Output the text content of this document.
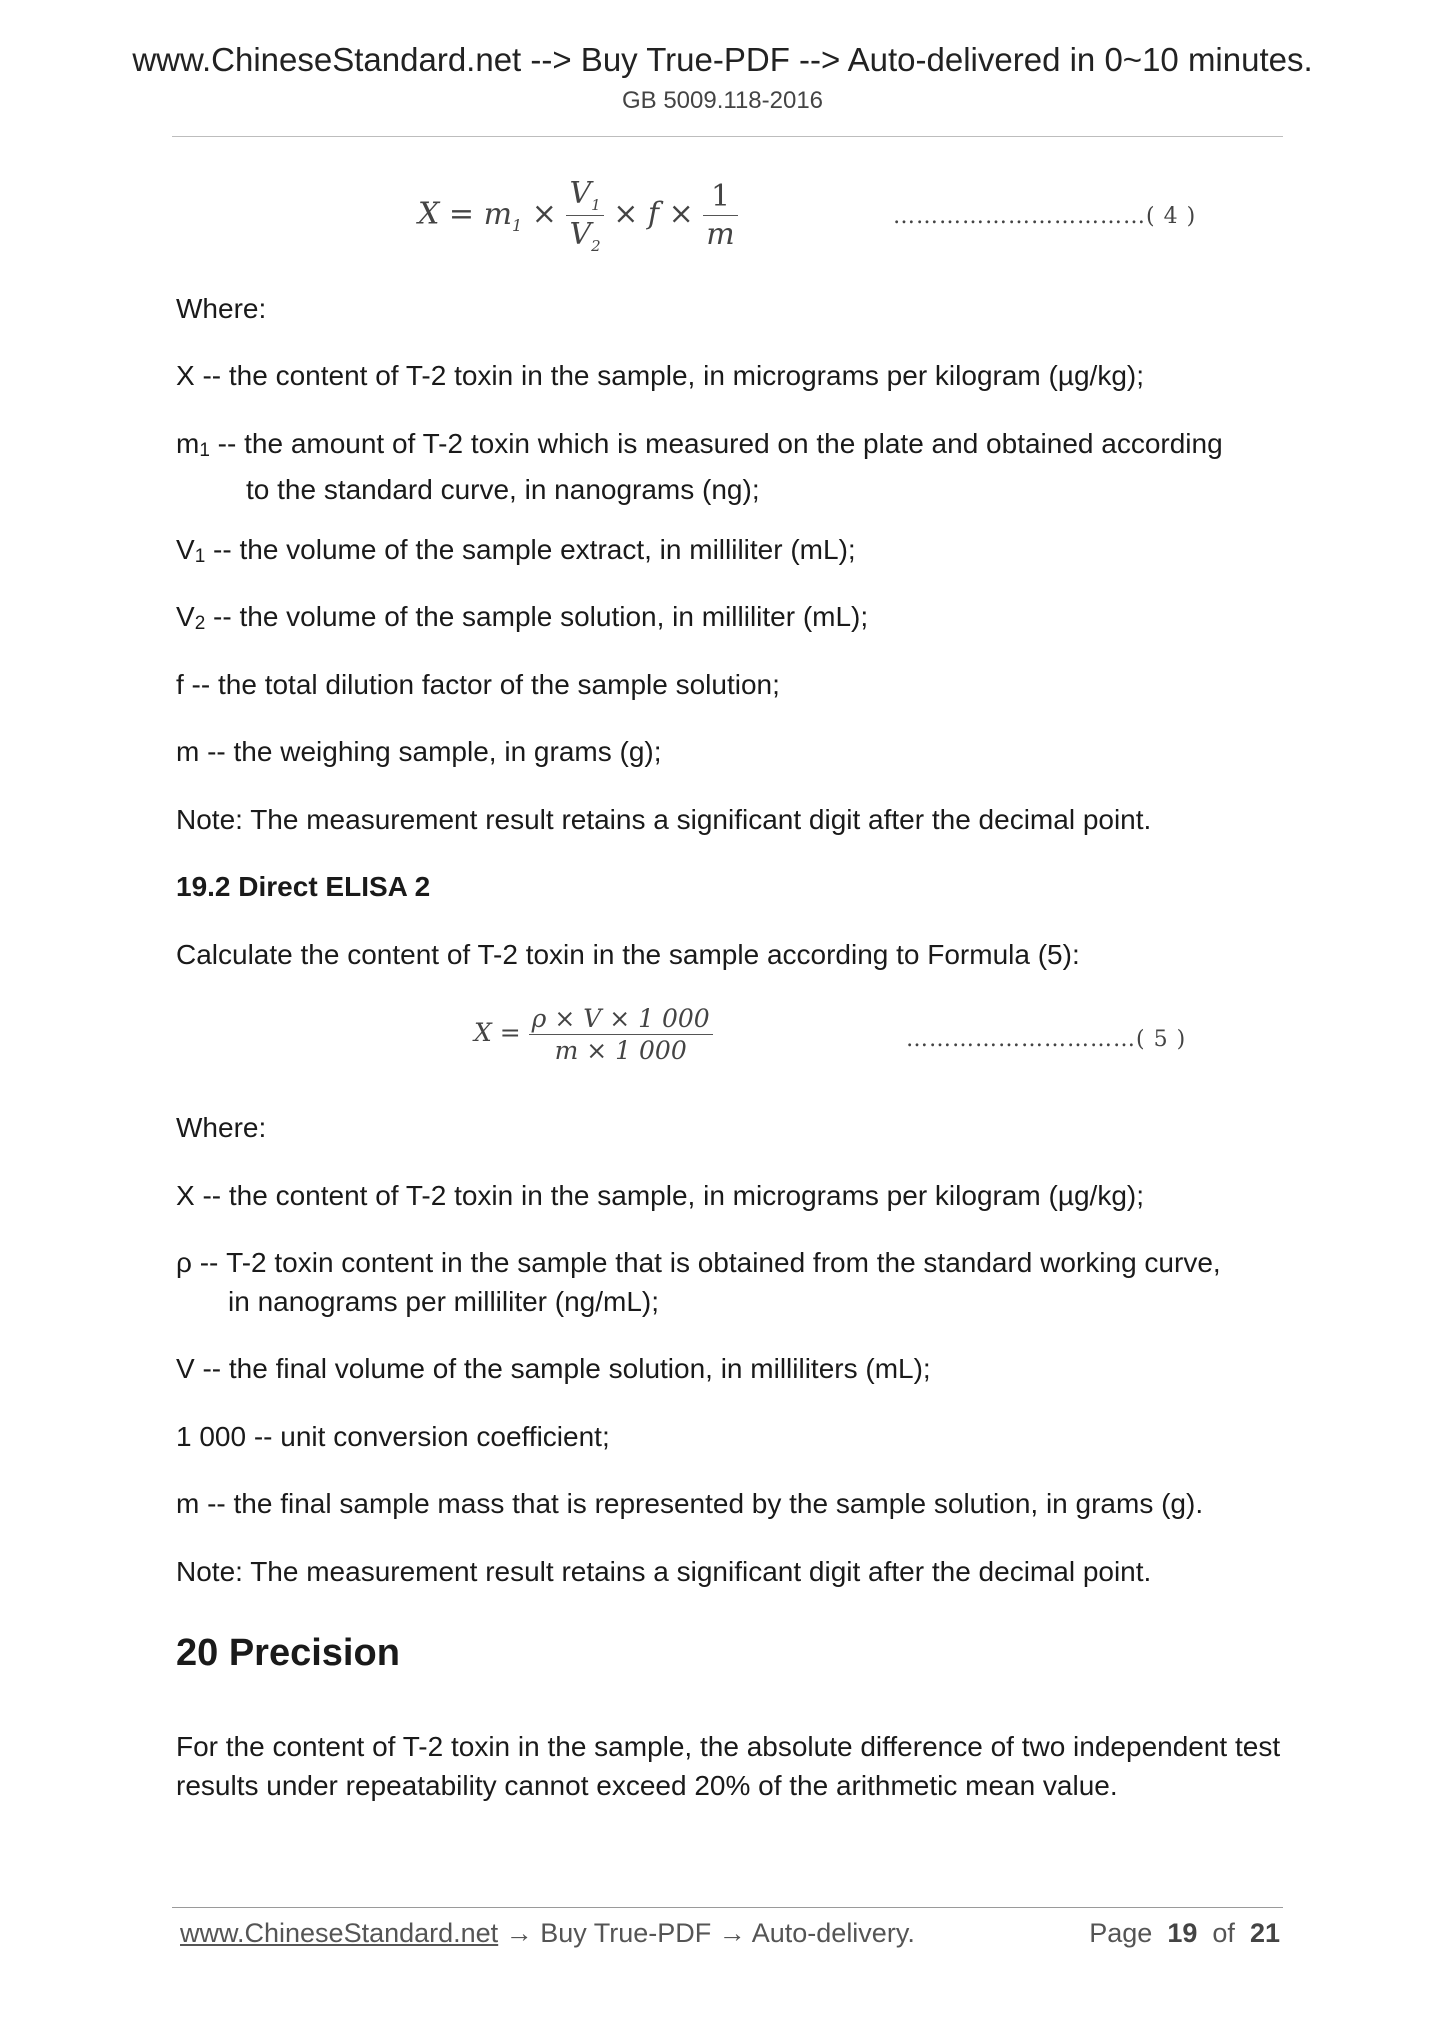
www.ChineseStandard.net --> Buy True-PDF --> Auto-delivered in 0~10 minutes.
GB 5009.118-2016
$X = m_1 \times \frac{V_1}{V_2} \times f \times \frac{1}{m}$	……………………………( 4 )
Where:
X -- the content of T-2 toxin in the sample, in micrograms per kilogram (µg/kg);
m1 -- the amount of T-2 toxin which is measured on the plate and obtained according
to the standard curve, in nanograms (ng);
V1 -- the volume of the sample extract, in milliliter (mL);
V2 -- the volume of the sample solution, in milliliter (mL);
f -- the total dilution factor of the sample solution;
m -- the weighing sample, in grams (g);
Note: The measurement result retains a significant digit after the decimal point.
19.2 Direct ELISA 2
Calculate the content of T-2 toxin in the sample according to Formula (5):
$X = \frac{\rho \times V \times 1 000}{m \times 1 000}$	…………………………( 5 )
Where:
X -- the content of T-2 toxin in the sample, in micrograms per kilogram (µg/kg);
ρ -- T-2 toxin content in the sample that is obtained from the standard working curve,
in nanograms per milliliter (ng/mL);
V -- the final volume of the sample solution, in milliliters (mL);
1 000 -- unit conversion coefficient;
m -- the final sample mass that is represented by the sample solution, in grams (g).
Note: The measurement result retains a significant digit after the decimal point.
20 Precision
For the content of T-2 toxin in the sample, the absolute difference of two independent test results under repeatability cannot exceed 20% of the arithmetic mean value.
www.ChineseStandard.net → Buy True-PDF → Auto-delivery.	Page 19 of 21
